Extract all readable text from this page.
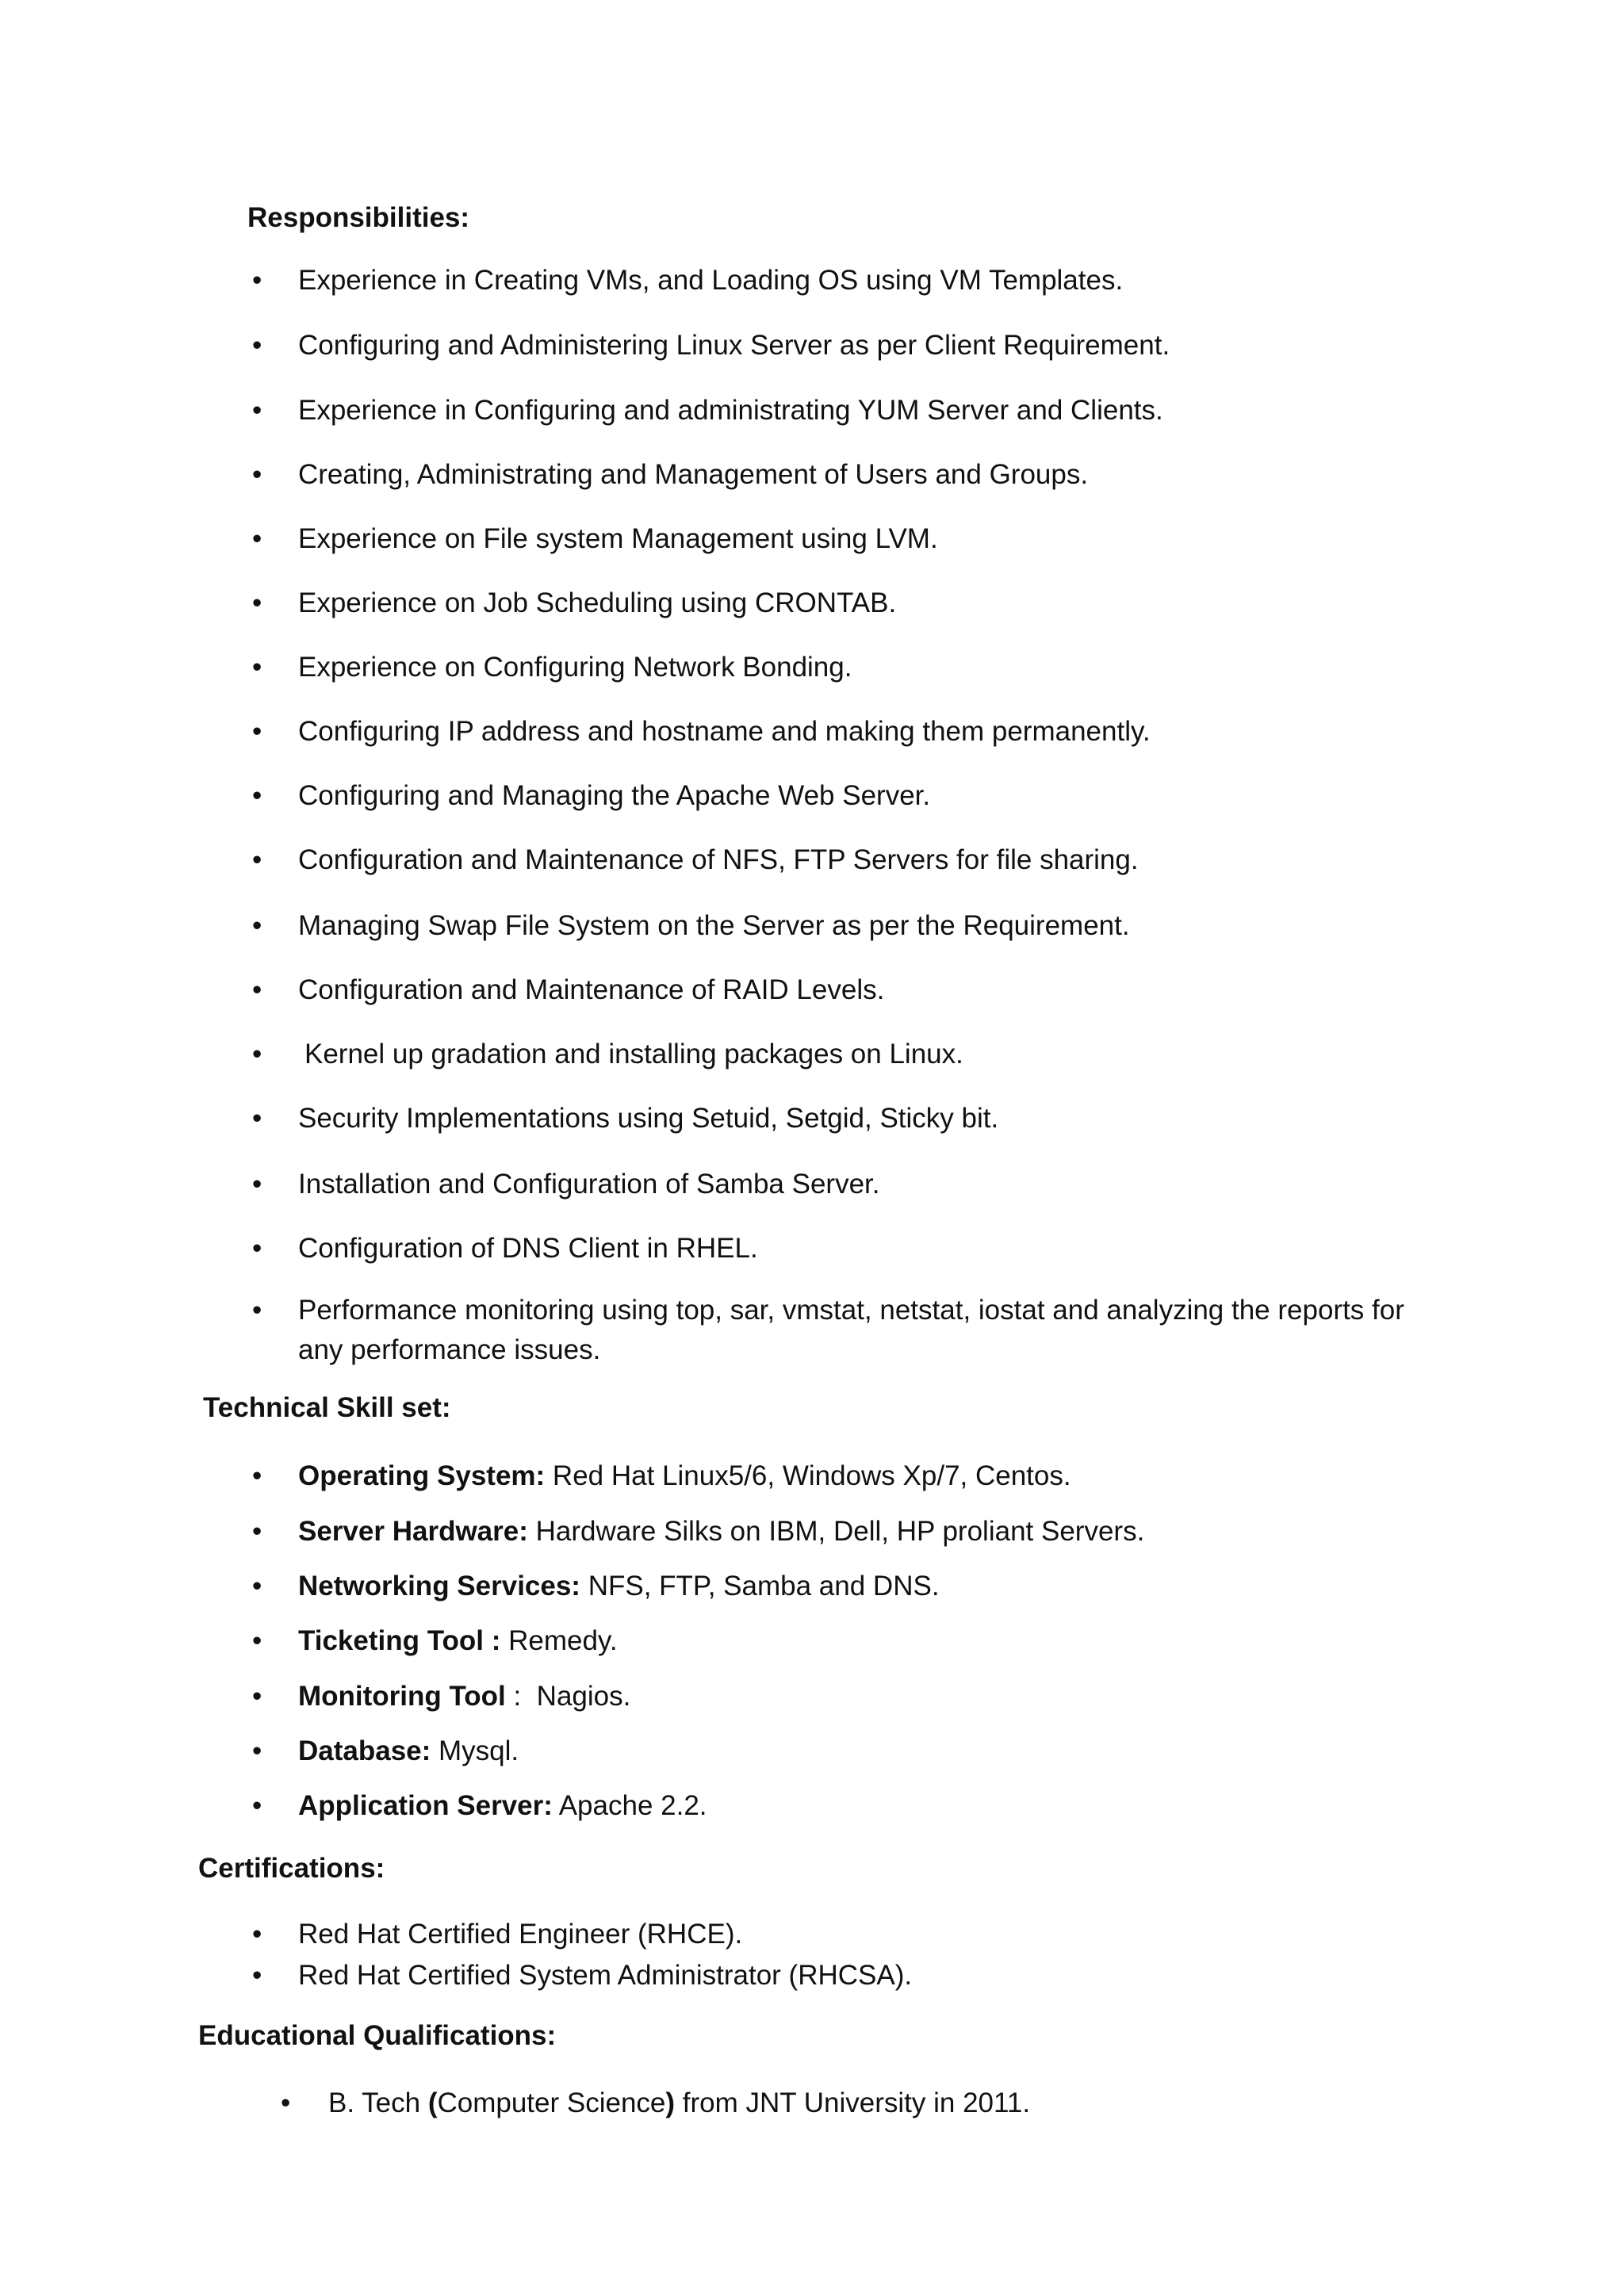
Responsibilities:
• Experience in Creating VMs, and Loading OS using VM Templates.
• Configuring and Administering Linux Server as per Client Requirement.
• Experience in Configuring and administrating YUM Server and Clients.
• Creating, Administrating and Management of Users and Groups.
• Experience on File system Management using LVM.
• Experience on Job Scheduling using CRONTAB.
• Experience on Configuring Network Bonding.
• Configuring IP address and hostname and making them permanently.
• Configuring and Managing the Apache Web Server.
• Configuration and Maintenance of NFS, FTP Servers for file sharing.
• Managing Swap File System on the Server as per the Requirement.
• Configuration and Maintenance of RAID Levels.
• Kernel up gradation and installing packages on Linux.
• Security Implementations using Setuid, Setgid, Sticky bit.
• Installation and Configuration of Samba Server.
• Configuration of DNS Client in RHEL.
• Performance monitoring using top, sar, vmstat, netstat, iostat and analyzing the reports for any performance issues.
Technical Skill set:
• Operating System: Red Hat Linux5/6, Windows Xp/7, Centos.
• Server Hardware: Hardware Silks on IBM, Dell, HP proliant Servers.
• Networking Services: NFS, FTP, Samba and DNS.
• Ticketing Tool : Remedy.
• Monitoring Tool :  Nagios.
• Database: Mysql.
• Application Server: Apache 2.2.
Certifications:
• Red Hat Certified Engineer (RHCE).
• Red Hat Certified System Administrator (RHCSA).
Educational Qualifications:
• B. Tech (Computer Science) from JNT University in 2011.
